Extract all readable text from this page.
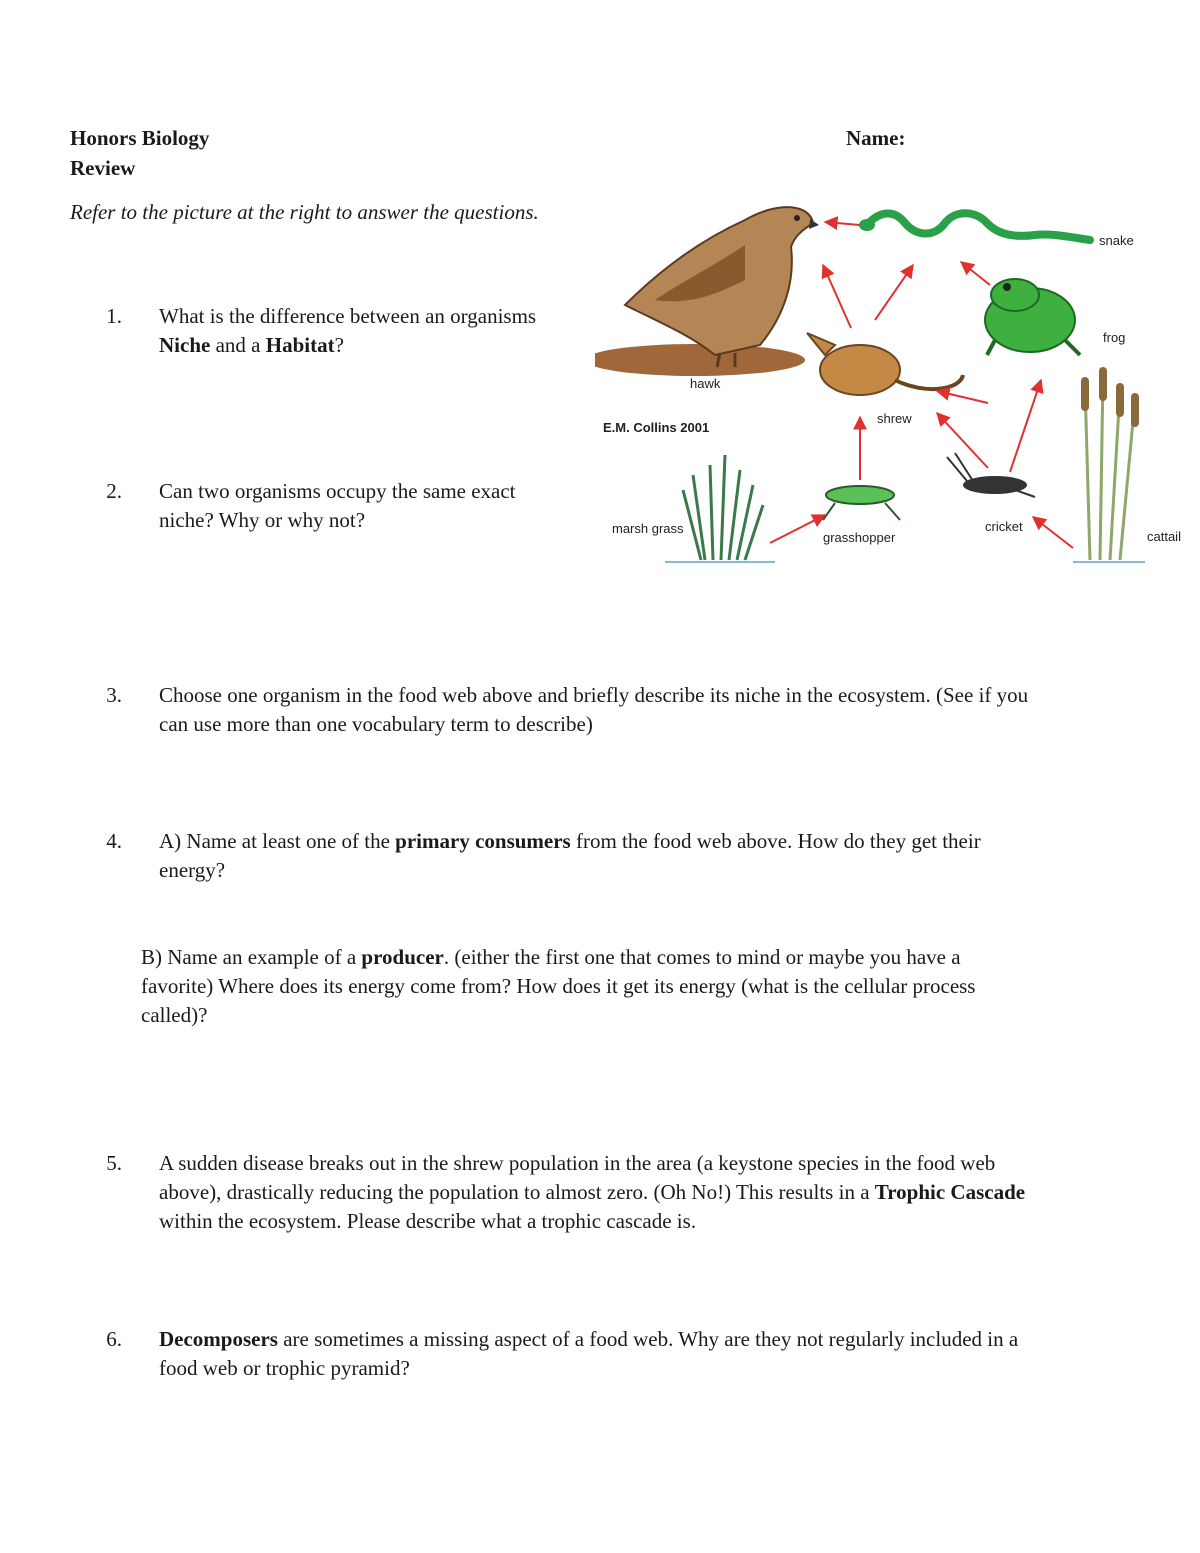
Honors Biology
Review
Name:
Refer to the picture at the right to answer the questions.
hawk
snake
frog
shrew
E.M. Collins 2001
marsh grass
grasshopper
cricket
cattail
1. What is the difference between an organisms
Niche and a Habitat?
2. Can two organisms occupy the same exact
niche? Why or why not?
3. Choose one organism in the food web above and briefly describe its niche in the ecosystem. (See if you
can use more than one vocabulary term to describe)
4. A) Name at least one of the primary consumers from the food web above. How do they get their
energy?
B) Name an example of a producer. (either the first one that comes to mind or maybe you have a
favorite) Where does its energy come from? How does it get its energy (what is the cellular process
called)?
5. A sudden disease breaks out in the shrew population in the area (a keystone species in the food web
above), drastically reducing the population to almost zero. (Oh No!) This results in a Trophic Cascade
within the ecosystem. Please describe what a trophic cascade is.
6. Decomposers are sometimes a missing aspect of a food web. Why are they not regularly included in a
food web or trophic pyramid?
